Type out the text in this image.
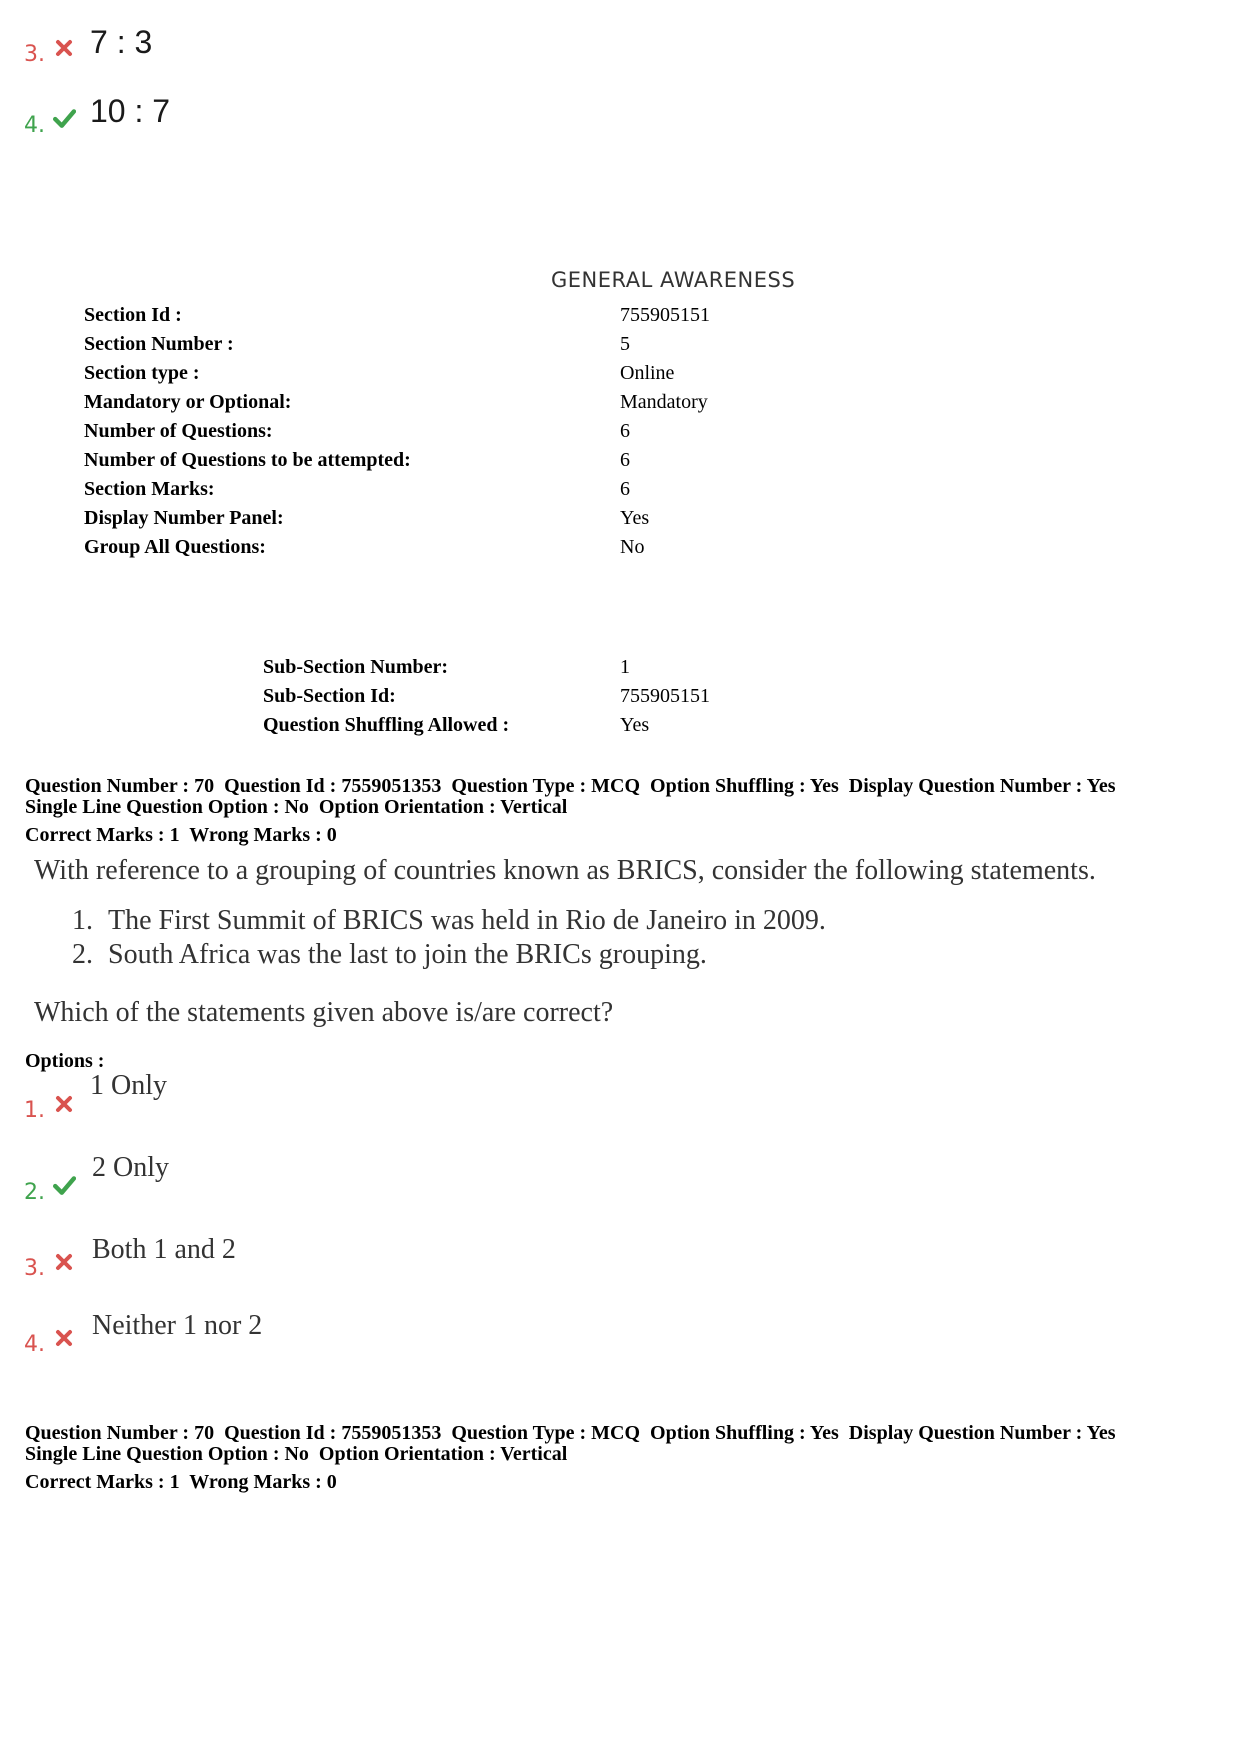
3. 7 : 3
4. 10 : 7
GENERAL AWARENESS
Section Id :	755905151
Section Number :	5
Section type :	Online
Mandatory or Optional:	Mandatory
Number of Questions:	6
Number of Questions to be attempted:	6
Section Marks:	6
Display Number Panel:	Yes
Group All Questions:	No
Sub-Section Number:	1
Sub-Section Id:	755905151
Question Shuffling Allowed :	Yes
Question Number : 70  Question Id : 7559051353  Question Type : MCQ  Option Shuffling : Yes  Display Question Number : Yes
Single Line Question Option : No  Option Orientation : Vertical
Correct Marks : 1  Wrong Marks : 0
With reference to a grouping of countries known as BRICS, consider the following statements.
1. The First Summit of BRICS was held in Rio de Janeiro in 2009.
2. South Africa was the last to join the BRICs grouping.
Which of the statements given above is/are correct?
Options :
1.
1 Only
2.
2 Only
3.
Both 1 and 2
4.
Neither 1 nor 2
Question Number : 70  Question Id : 7559051353  Question Type : MCQ  Option Shuffling : Yes  Display Question Number : Yes
Single Line Question Option : No  Option Orientation : Vertical
Correct Marks : 1  Wrong Marks : 0
